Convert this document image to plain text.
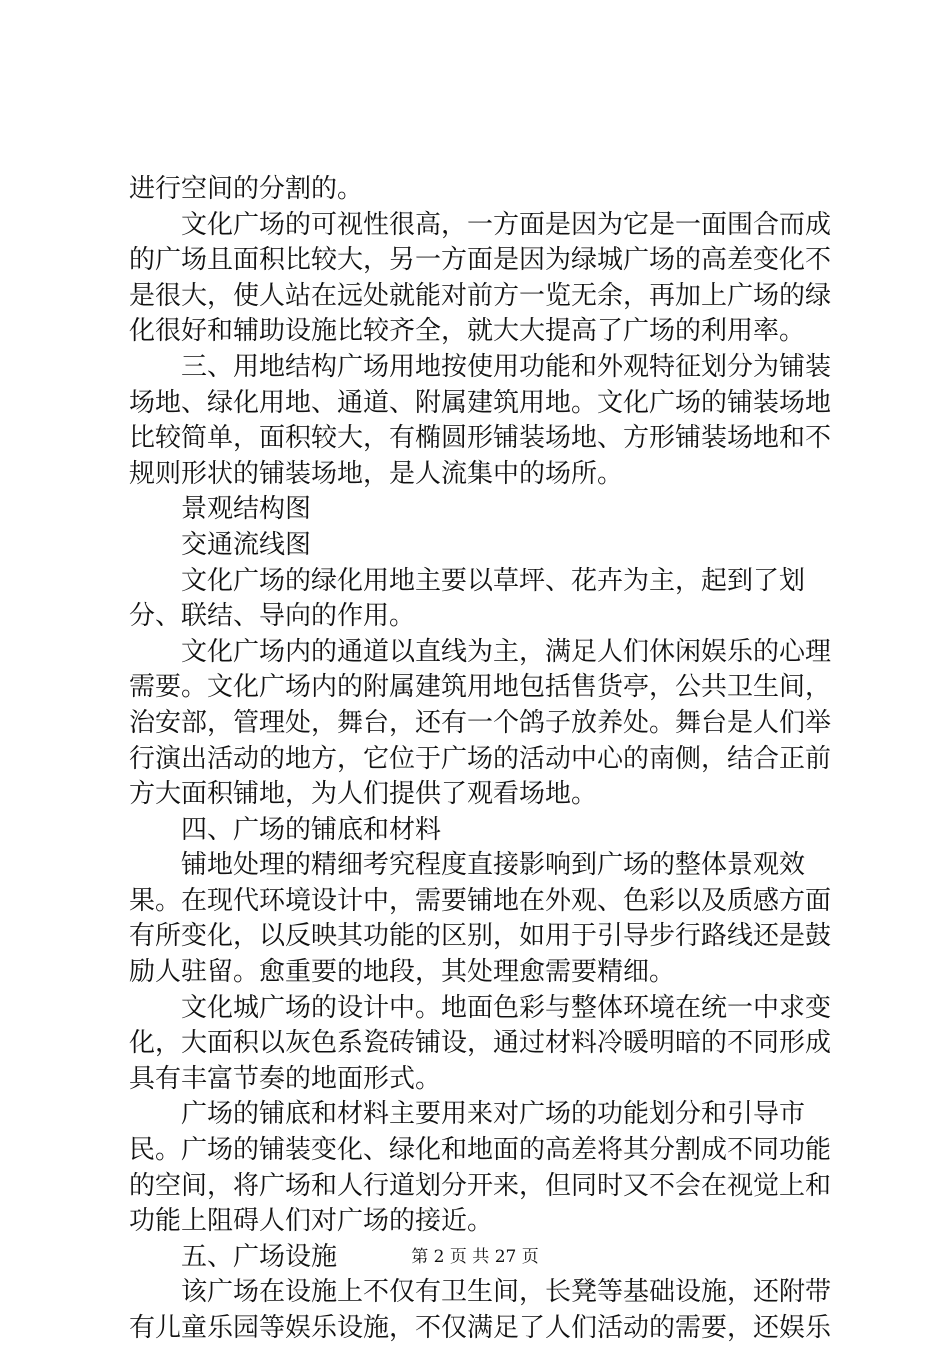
进行空间的分割的。

文化广场的可视性很高，一方面是因为它是一面围合而成的广场且面积比较大，另一方面是因为绿城广场的高差变化不是很大，使人站在远处就能对前方一览无余，再加上广场的绿化很好和辅助设施比较齐全，就大大提高了广场的利用率。

三、用地结构广场用地按使用功能和外观特征划分为铺装场地、绿化用地、通道、附属建筑用地。文化广场的铺装场地比较简单，面积较大，有椭圆形铺装场地、方形铺装场地和不规则形状的铺装场地，是人流集中的场所。

景观结构图

交通流线图

文化广场的绿化用地主要以草坪、花卉为主，起到了划分、联结、导向的作用。

文化广场内的通道以直线为主，满足人们休闲娱乐的心理需要。文化广场内的附属建筑用地包括售货亭，公共卫生间，治安部，管理处，舞台，还有一个鸽子放养处。舞台是人们举行演出活动的地方，它位于广场的活动中心的南侧，结合正前方大面积铺地，为人们提供了观看场地。

四、广场的铺底和材料

铺地处理的精细考究程度直接影响到广场的整体景观效果。在现代环境设计中，需要铺地在外观、色彩以及质感方面有所变化，以反映其功能的区别，如用于引导步行路线还是鼓励人驻留。愈重要的地段，其处理愈需要精细。

文化城广场的设计中。地面色彩与整体环境在统一中求变化，大面积以灰色系瓷砖铺设，通过材料冷暖明暗的不同形成具有丰富节奏的地面形式。

广场的铺底和材料主要用来对广场的功能划分和引导市民。广场的铺装变化、绿化和地面的高差将其分割成不同功能的空间，将广场和人行道划分开来，但同时又不会在视觉上和功能上阻碍人们对广场的接近。

五、广场设施

该广场在设施上不仅有卫生间，长凳等基础设施，还附带有儿童乐园等娱乐设施，不仅满足了人们活动的需要，还娱乐

第 2 页 共 27 页
